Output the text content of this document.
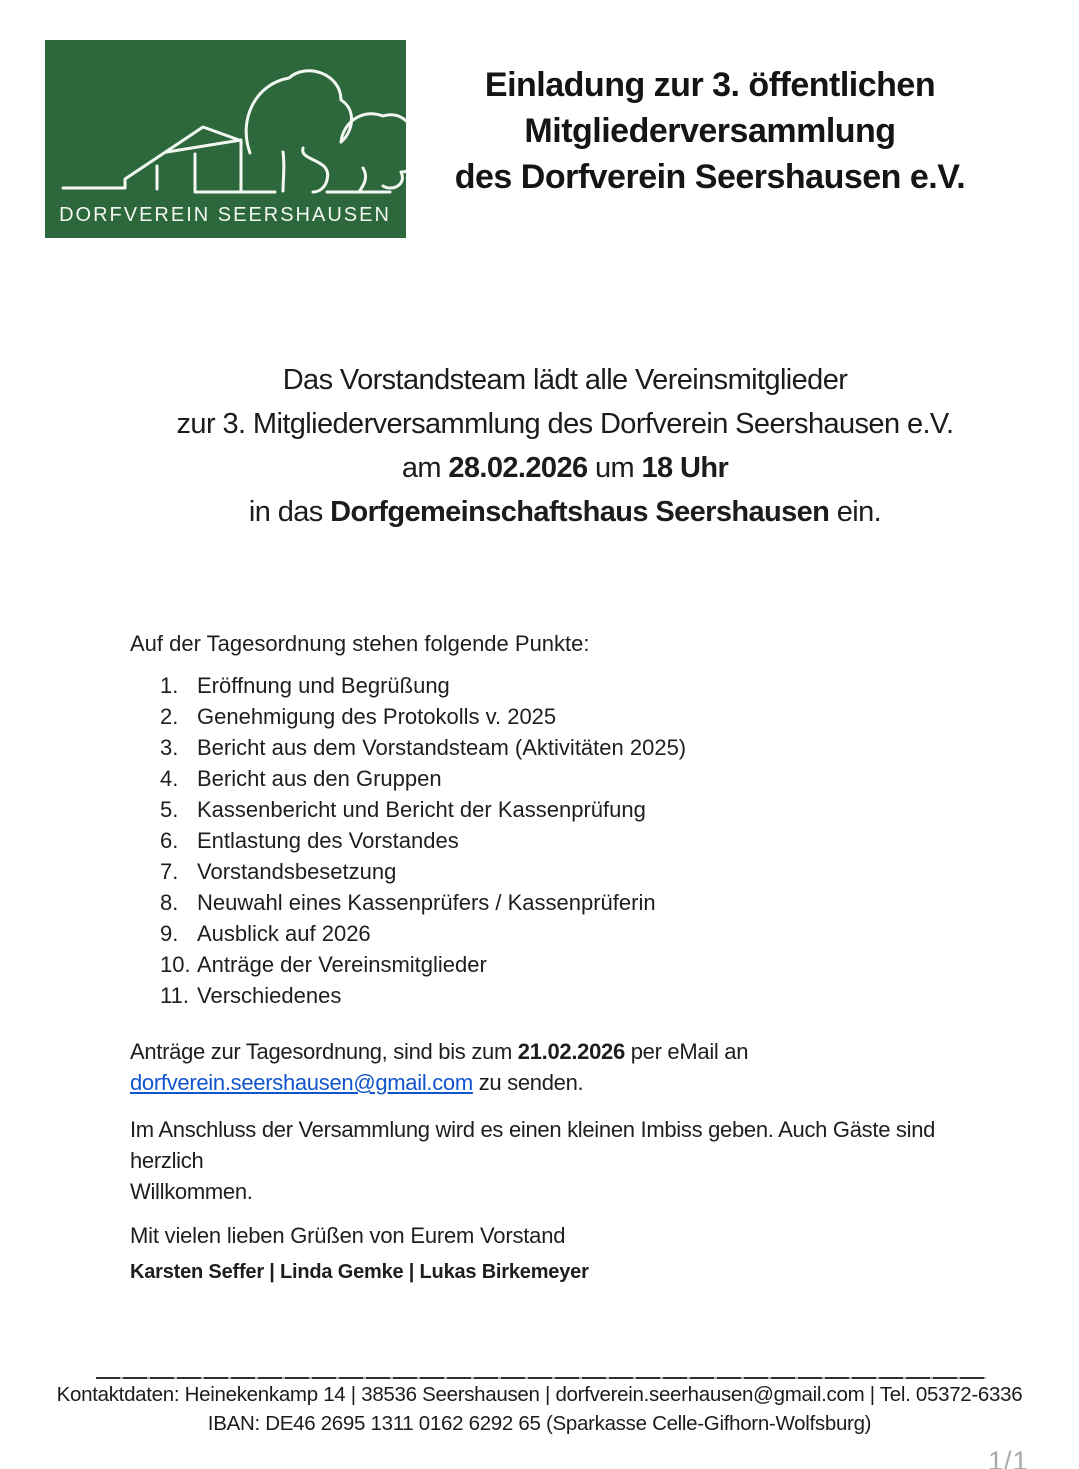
DORFVEREIN SEERSHAUSEN
Einladung zur 3. öffentlichen
Mitgliederversammlung
des Dorfverein Seershausen e.V.
Das Vorstandsteam lädt alle Vereinsmitglieder
zur 3. Mitgliederversammlung des Dorfverein Seershausen e.V.
am 28.02.2026 um 18 Uhr
in das Dorfgemeinschaftshaus Seershausen ein.
Auf der Tagesordnung stehen folgende Punkte:
1. Eröffnung und Begrüßung
2. Genehmigung des Protokolls v. 2025
3. Bericht aus dem Vorstandsteam (Aktivitäten 2025)
4. Bericht aus den Gruppen
5. Kassenbericht und Bericht der Kassenprüfung
6. Entlastung des Vorstandes
7. Vorstandsbesetzung
8. Neuwahl eines Kassenprüfers / Kassenprüferin
9. Ausblick auf 2026
10. Anträge der Vereinsmitglieder
11. Verschiedenes
Anträge zur Tagesordnung, sind bis zum 21.02.2026 per eMail an
dorfverein.seershausen@gmail.com zu senden.
Im Anschluss der Versammlung wird es einen kleinen Imbiss geben. Auch Gäste sind herzlich
Willkommen.
Mit vielen lieben Grüßen von Eurem Vorstand
Karsten Seffer | Linda Gemke | Lukas Birkemeyer
Kontaktdaten: Heinekenkamp 14 | 38536 Seershausen | dorfverein.seerhausen@gmail.com | Tel. 05372-6336
IBAN: DE46 2695 1311 0162 6292 65 (Sparkasse Celle-Gifhorn-Wolfsburg)
1/1
